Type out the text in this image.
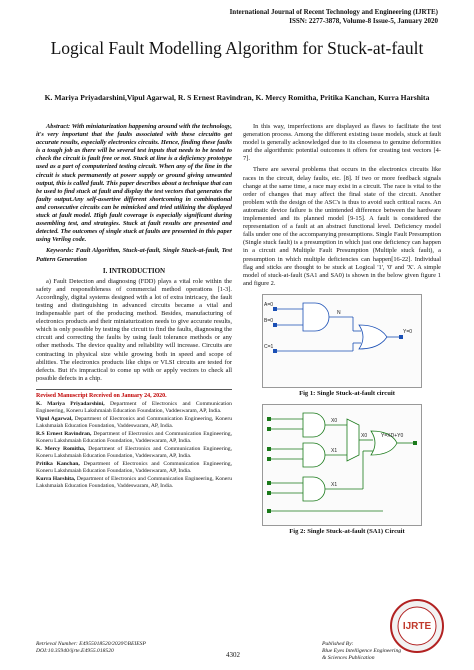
International Journal of Recent Technology and Engineering (IJRTE)
ISSN: 2277-3878, Volume-8 Issue-5, January 2020
Logical Fault Modelling Algorithm for Stuck-at-fault
K. Mariya Priyadarshini,Vipul Agarwal, R. S Ernest Ravindran, K. Mercy Romitha, Pritika Kanchan, Kurra Harshita

Abstract: With miniaturization happening around with the technology, it's very important that the faults associated with these circuitto get accurate results, especially electronics circuits. Hence, finding these faults is a tough job as there will be several test inputs that needs to be tested to check the circuit is fault free or not. Stuck at line is a deficiency prototype used as a part of computerized testing circuit. When any of the line in the circuit is stuck permanently at power supply or ground giving unwanted output, this is called fault. This paper describes about a technique that can be used to find stuck at fault and display the test vectors that generates the faulty output.Any self-assertive different shortcoming in combinational and consecutive circuits can be mimicked and tried utilizing the displayed stuck at fault model. High fault coverage is especially significant during assembling test, and strategies. Stuck at fault results are presented and detected. The outcomes of single stuck at faults are presented in this paper using Verilog code.

Keywords: Fault Algorithm, Stuck-at-fault, Single Stuck-at-fault, Test Pattern Generation

I. INTRODUCTION

a) Fault Detection and diagnosing (FDD) plays a vital role within the safety and responsibleness of commercial method operations [1-3]. Accordingly, digital systems designed with a lot of extra intricacy, the fault testing and distinguishing in advanced circuits became a vital and indispensable part of the producing method. Besides, manufacturing of electronics products and their miniaturization needs to give accurate results, which is only possible by testing the circuit to find the faults, diagnosing the circuit and correcting the faults by using fault tolerance methods or any other methods. The device quality and reliability will increase. Circuits are contracting in physical size while growing both in speed and scope of abilities. The electronics products like chips or VLSI circuits are tested for defects. But it's impractical to come up with or apply vectors to check all possible defects in a chip.

Revised Manuscript Received on January 24, 2020.

K. Mariya Priyadarshini, Department of Electronics and Communication Engineering, Koneru Lakshmaiah Education Foundation, Vaddeswaram, AP, India.

Vipul Agarwal, Department of Electronics and Communication Engineering, Koneru Lakshmaiah Education Foundation, Vaddeswaram, AP, India.

R.S Ernest Ravindran, Department of Electronics and Communication Engineering, Koneru Lakshmaiah Education Foundation, Vaddeswaram, AP, India.

K. Mercy Romitha, Department of Electronics and Communication Engineering, Koneru Lakshmaiah Education Foundation, Vaddeswaram, AP, India.

Pritika Kanchan, Department of Electronics and Communication Engineering, Koneru Lakshmaiah Education Foundation, Vaddeswaram, AP, India.

Kurra Harshita, Department of Electronics and Communication Engineering, Koneru Lakshmaiah Education Foundation, Vaddeswaram, AP, India.

In this way, imperfections are displayed as flaws to facilitate the test generation process. Among the different existing issue models, stuck at fault model is generally acknowledged due to its closeness to genuine deformities and the algorithmic potential outcomes it offers for creating test vectors [4-7].

There are several problems that occurs in the electronics circuits like races in the circuit, delay faults, etc. [8]. If two or more feedback signals change at the same time, a race may exist in a circuit. The race is vital to the order of changes that may affect the final state of the circuit. Another problem with the design of the ASC's is thus to avoid such critical races. An automatic device failure is the unintended difference between the hardware implemented and its planned model [9-15]. A fault is considered the representation of a fault at an abstract functional level. Deficiency model falls under one of the accompanying presumptions. Single Fault Presumption (Single stuck fault) is a presumption in which just one deficiency can happen in a circuit and Multiple Fault Presumption (Multiple stuck fault), a presumption in which multiple deficiencies can happen[16-22]. Individual flag and sticks are thought to be stuck at Logical '1', '0' and 'X'. A simple model of stuck-at-fault (SA1 and SA0) is shown in the below given figure 1 and figure 2.

A=0
B=0
C=1
N
Y=0

Fig 1: Single Stuck-at-fault circuit

X0
X1
X0
X1
Y=XD+Y0

Fig 2: Single Stuck-at-fault (SA1) Circuit

Retrieval Number: E4955018520/2020©BEIESP
DOI:10.35940/ijrte.E4955.018520	4302
Published By:
Blue Eyes Intelligence Engineering
& Sciences Publication
IJRTE
